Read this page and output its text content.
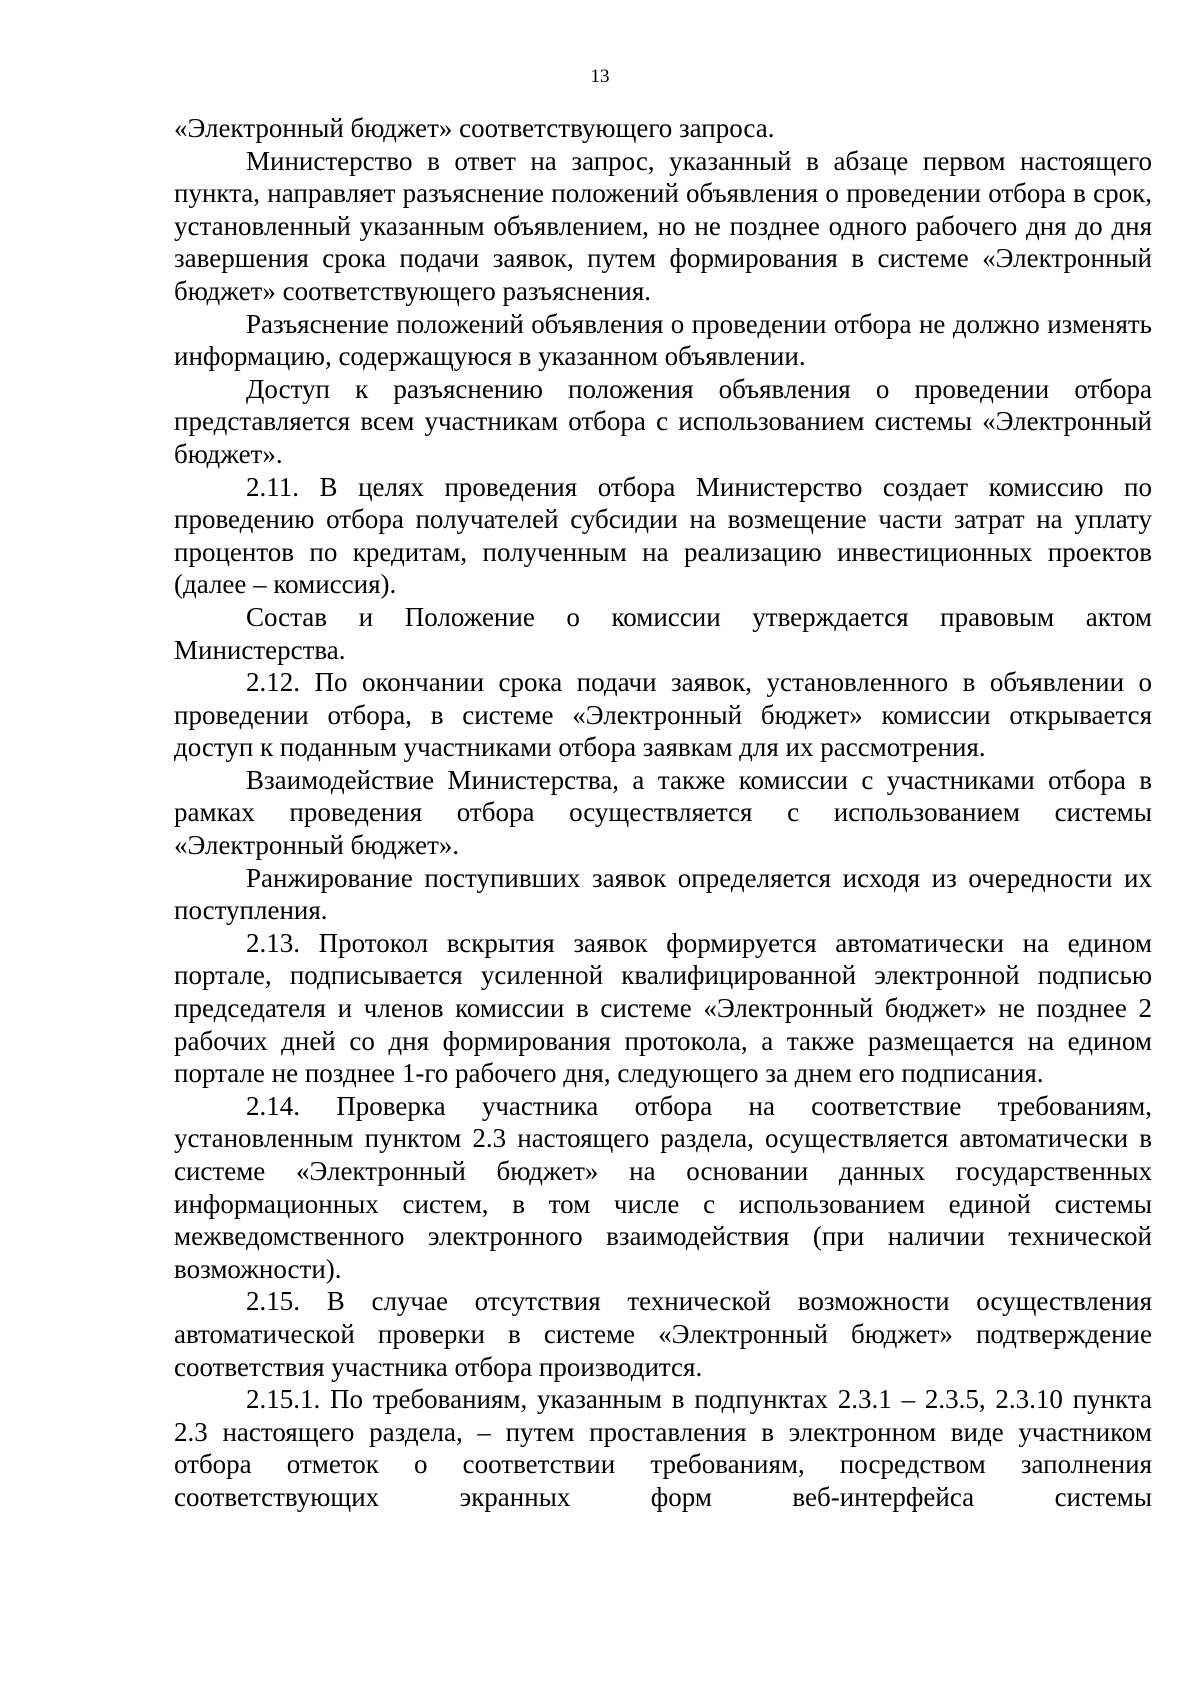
13

«Электронный бюджет» соответствующего запроса.

Министерство в ответ на запрос, указанный в абзаце первом настоящего пункта, направляет разъяснение положений объявления о проведении отбора в срок, установленный указанным объявлением, но не позднее одного рабочего дня до дня завершения срока подачи заявок, путем формирования в системе «Электронный бюджет» соответствующего разъяснения.

Разъяснение положений объявления о проведении отбора не должно изменять информацию, содержащуюся в указанном объявлении.

Доступ к разъяснению положения объявления о проведении отбора представляется всем участникам отбора с использованием системы «Электронный бюджет».

2.11. В целях проведения отбора Министерство создает комиссию по проведению отбора получателей субсидии на возмещение части затрат на уплату процентов по кредитам, полученным на реализацию инвестиционных проектов (далее – комиссия).

Состав и Положение о комиссии утверждается правовым актом Министерства.

2.12. По окончании срока подачи заявок, установленного в объявлении о проведении отбора, в системе «Электронный бюджет» комиссии открывается доступ к поданным участниками отбора заявкам для их рассмотрения.

Взаимодействие Министерства, а также комиссии с участниками отбора в рамках проведения отбора осуществляется с использованием системы «Электронный бюджет».

Ранжирование поступивших заявок определяется исходя из очередности их поступления.

2.13. Протокол вскрытия заявок формируется автоматически на едином портале, подписывается усиленной квалифицированной электронной подписью председателя и членов комиссии в системе «Электронный бюджет» не позднее 2 рабочих дней со дня формирования протокола, а также размещается на едином портале не позднее 1-го рабочего дня, следующего за днем его подписания.

2.14. Проверка участника отбора на соответствие требованиям, установленным пунктом 2.3 настоящего раздела, осуществляется автоматически в системе «Электронный бюджет» на основании данных государственных информационных систем, в том числе с использованием единой системы межведомственного электронного взаимодействия (при наличии технической возможности).

2.15. В случае отсутствия технической возможности осуществления автоматической проверки в системе «Электронный бюджет» подтверждение соответствия участника отбора производится.

2.15.1. По требованиям, указанным в подпунктах 2.3.1 – 2.3.5, 2.3.10 пункта 2.3 настоящего раздела, – путем проставления в электронном виде участником отбора отметок о соответствии требованиям, посредством заполнения соответствующих экранных форм веб-интерфейса системы
